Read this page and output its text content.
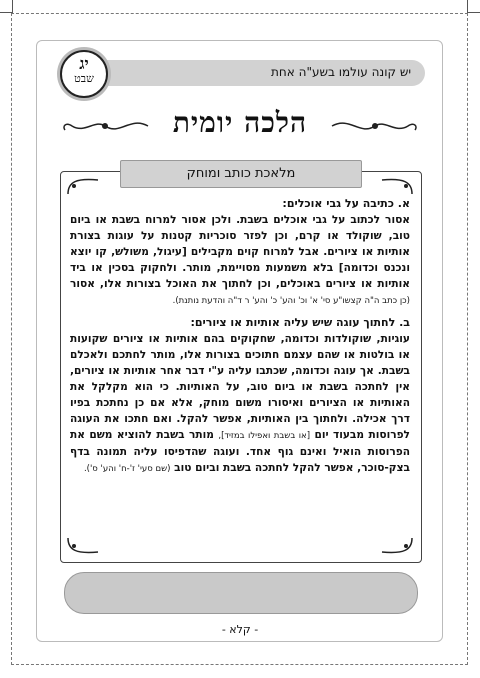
יש קונה עולמו בשע"ה אחת
יג
שבט
הלכה יומית
מלאכת כותב ומוחק

א. כתיבה על גבי אוכלים:
אסור לכתוב על גבי אוכלים בשבת. ולכן אסור למרוח בשבת או ביום טוב, שוקולד או קרם, וכן לפזר סוכריות קטנות על עוגות בצורת אותיות או ציורים. אבל למרוח קוים מקבילים [עיגול, משולש, קו יוצא ונכנס וכדומה] בלא משמעות מסויימת, מותר. ולחקוק בסכין או ביד אותיות או ציורים באוכלים, וכן לחתוך את האוכל בצורות אלו, אסור (כן כתב ה"ה קצשו"ע סי' א' וכ' והע' כ' והע' ר ד"ה והדעת נותנת).

ב. לחתוך עוגה שיש עליה אותיות או ציורים:
עוגיות, שוקולדות וכדומה, שחקוקים בהם אותיות או ציורים שקועות או בולטות או שהם עצמם חתוכים בצורות אלו, מותר לחתכם ולאכלם בשבת. אך עוגה וכדומה, שכתבו עליה ע"י דבר אחר אותיות או ציורים, אין לחתכה בשבת או ביום טוב, על האותיות. כי הוא מקלקל את האותיות או הציורים ואיסורו משום מוחק, אלא אם כן נחתכת בפיו דרך אכילה. ולחתוך בין האותיות, אפשר להקל. ואם חתכו את העוגה לפרוסות מבעוד יום [או בשבת ואפילו במזיד], מותר בשבת להוציא משם את הפרוסות הואיל ואינם גוף אחד. ועוגה שהדפיסו עליה תמונה בדף בצק-סוכר, אפשר להקל לחתכה בשבת וביום טוב (שם סעי' ז'-ח' והע' ס').

- קלא -
